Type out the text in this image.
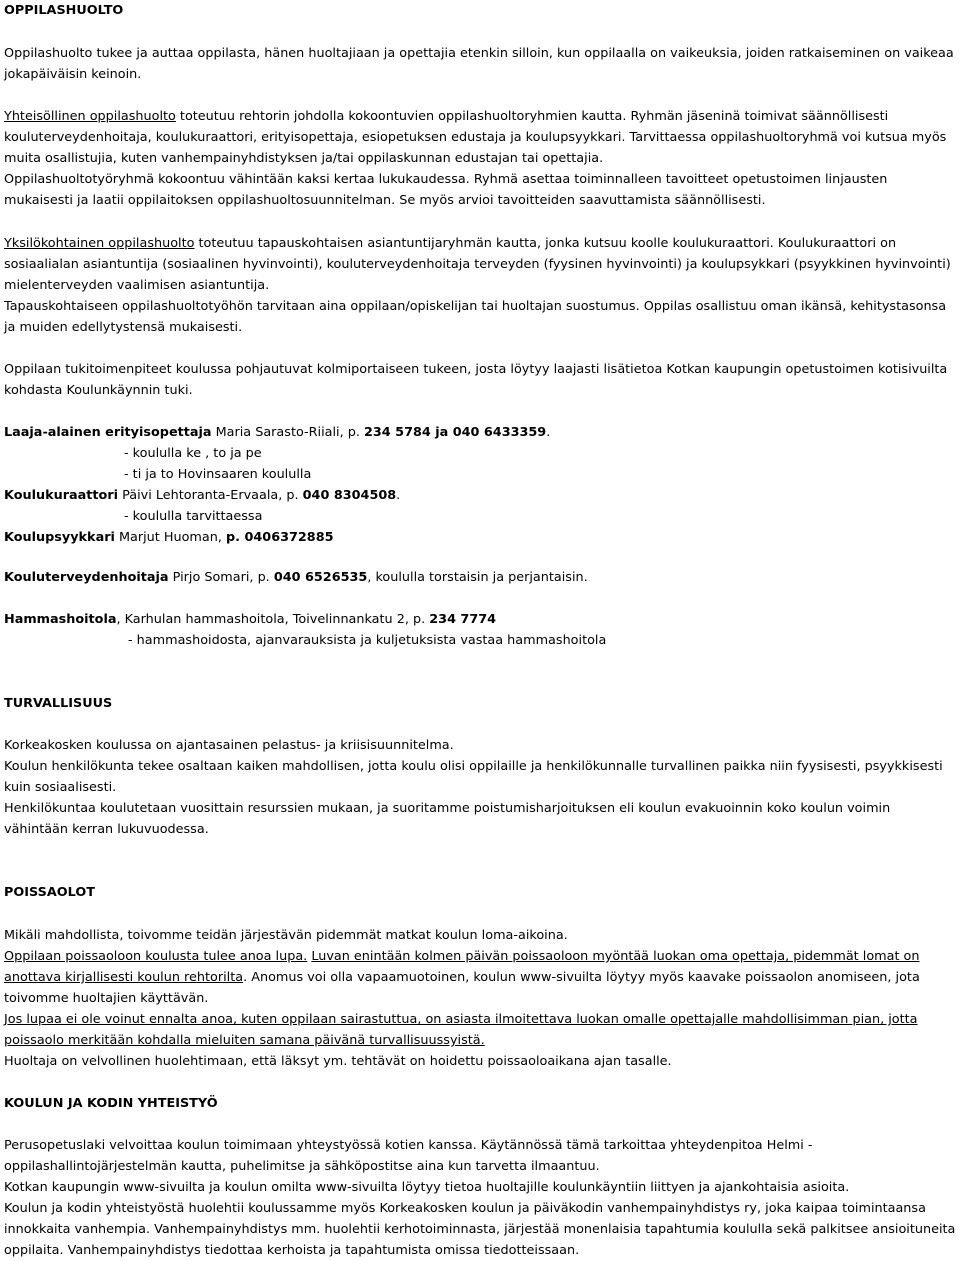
OPPILASHUOLTO

Oppilashuolto tukee ja auttaa oppilasta, hänen huoltajiaan ja opettajia etenkin silloin, kun oppilaalla on vaikeuksia, joiden ratkaiseminen on vaikeaa jokapäiväisin keinoin.

Yhteisöllinen oppilashuolto toteutuu rehtorin johdolla kokoontuvien oppilashuoltoryhmien kautta. Ryhmän jäseninä toimivat säännöllisesti kouluterveydenhoitaja, koulukuraattori, erityisopettaja, esiopetuksen edustaja ja koulupsyykkari. Tarvittaessa oppilashuoltoryhmä voi kutsua myös muita osallistujia, kuten vanhempainyhdistyksen ja/tai oppilaskunnan edustajan tai opettajia.

Oppilashuoltotyöryhmä kokoontuu vähintään kaksi kertaa lukukaudessa. Ryhmä asettaa toiminnalleen tavoitteet opetustoimen linjausten mukaisesti ja laatii oppilaitoksen oppilashuoltosuunnitelman. Se myös arvioi tavoitteiden saavuttamista säännöllisesti.

Yksilökohtainen oppilashuolto toteutuu tapauskohtaisen asiantuntijaryhmän kautta, jonka kutsuu koolle koulukuraattori. Koulukuraattori on sosiaalialan asiantuntija (sosiaalinen hyvinvointi), kouluterveydenhoitaja terveyden (fyysinen hyvinvointi) ja koulupsykkari (psyykkinen hyvinvointi) mielenterveyden vaalimisen asiantuntija.

Tapauskohtaiseen oppilashuoltotyöhön tarvitaan aina oppilaan/opiskelijan tai huoltajan suostumus. Oppilas osallistuu oman ikänsä, kehitystasonsa ja muiden edellytystensä mukaisesti.

Oppilaan tukitoimenpiteet koulussa pohjautuvat kolmiportaiseen tukeen, josta löytyy laajasti lisätietoa Kotkan kaupungin opetustoimen kotisivuilta kohdasta Koulunkäynnin tuki.

Laaja-alainen erityisopettaja Maria Sarasto-Riiali, p. 234 5784 ja 040 6433359.

- koululla ke , to ja pe

- ti ja to Hovinsaaren koululla

Koulukuraattori Päivi Lehtoranta-Ervaala, p. 040 8304508.

- koululla tarvittaessa

Koulupsyykkari Marjut Huoman, p. 0406372885

Kouluterveydenhoitaja Pirjo Somari, p. 040 6526535, koululla torstaisin ja perjantaisin.

Hammashoitola, Karhulan hammashoitola, Toivelinnankatu 2, p. 234 7774

- hammashoidosta, ajanvarauksista ja kuljetuksista vastaa hammashoitola

TURVALLISUUS

Korkeakosken koulussa on ajantasainen pelastus- ja kriisisuunnitelma.

Koulun henkilökunta tekee osaltaan kaiken mahdollisen, jotta koulu olisi oppilaille ja henkilökunnalle turvallinen paikka niin fyysisesti, psyykkisesti kuin sosiaalisesti.

Henkilökuntaa koulutetaan vuosittain resurssien mukaan, ja suoritamme poistumisharjoituksen eli koulun evakuoinnin koko koulun voimin vähintään kerran lukuvuodessa.

POISSAOLOT

Mikäli mahdollista, toivomme teidän järjestävän pidemmät matkat koulun loma-aikoina.

Oppilaan poissaoloon koulusta tulee anoa lupa. Luvan enintään kolmen päivän poissaoloon myöntää luokan oma opettaja, pidemmät lomat on anottava kirjallisesti koulun rehtorilta. Anomus voi olla vapaamuotoinen, koulun www-sivuilta löytyy myös kaavake poissaolon anomiseen, jota toivomme huoltajien käyttävän.

Jos lupaa ei ole voinut ennalta anoa, kuten oppilaan sairastuttua, on asiasta ilmoitettava luokan omalle opettajalle mahdollisimman pian, jotta poissaolo merkitään kohdalla mieluiten samana päivänä turvallisuussyistä.

Huoltaja on velvollinen huolehtimaan, että läksyt ym. tehtävät on hoidettu poissaoloaikana ajan tasalle.

KOULUN JA KODIN YHTEISTYÖ

Perusopetuslaki velvoittaa koulun toimimaan yhteystyössä kotien kanssa. Käytännössä tämä tarkoittaa yhteydenpitoa Helmi - oppilashallintojärjestelmän kautta, puhelimitse ja sähköpostitse aina kun tarvetta ilmaantuu.

Kotkan kaupungin www-sivuilta ja koulun omilta www-sivuilta löytyy tietoa huoltajille koulunkäyntiin liittyen ja ajankohtaisia asioita.

Koulun ja kodin yhteistyöstä huolehtii koulussamme myös Korkeakosken koulun ja päiväkodin vanhempainyhdistys ry, joka kaipaa toimintaansa innokkaita vanhempia. Vanhempainyhdistys mm. huolehtii kerhotoiminnasta, järjestää monenlaisia tapahtumia koululla sekä palkitsee ansioituneita oppilaita. Vanhempainyhdistys tiedottaa kerhoista ja tapahtumista omissa tiedotteissaan.
